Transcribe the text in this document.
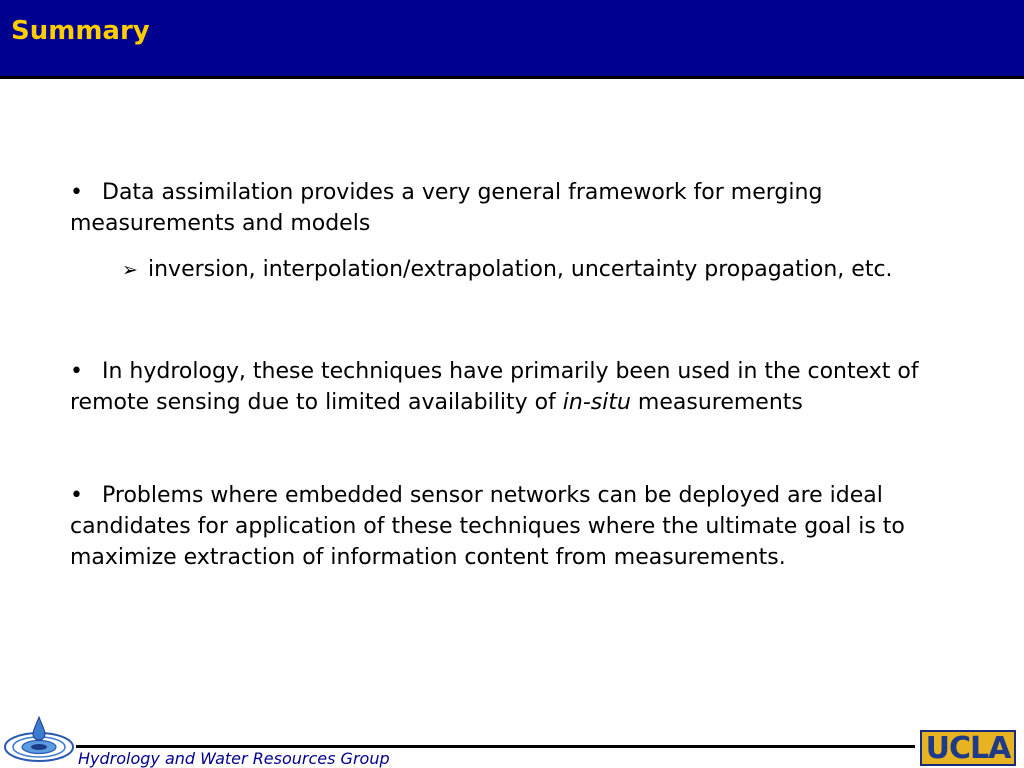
Summary

• Data assimilation provides a very general framework for merging measurements and models

➢ inversion, interpolation/extrapolation, uncertainty propagation, etc.

• In hydrology, these techniques have primarily been used in the context of remote sensing due to limited availability of in-situ measurements

• Problems where embedded sensor networks can be deployed are ideal candidates for application of these techniques where the ultimate goal is to maximize extraction of information content from measurements.

Hydrology and Water Resources Group	UCLA
